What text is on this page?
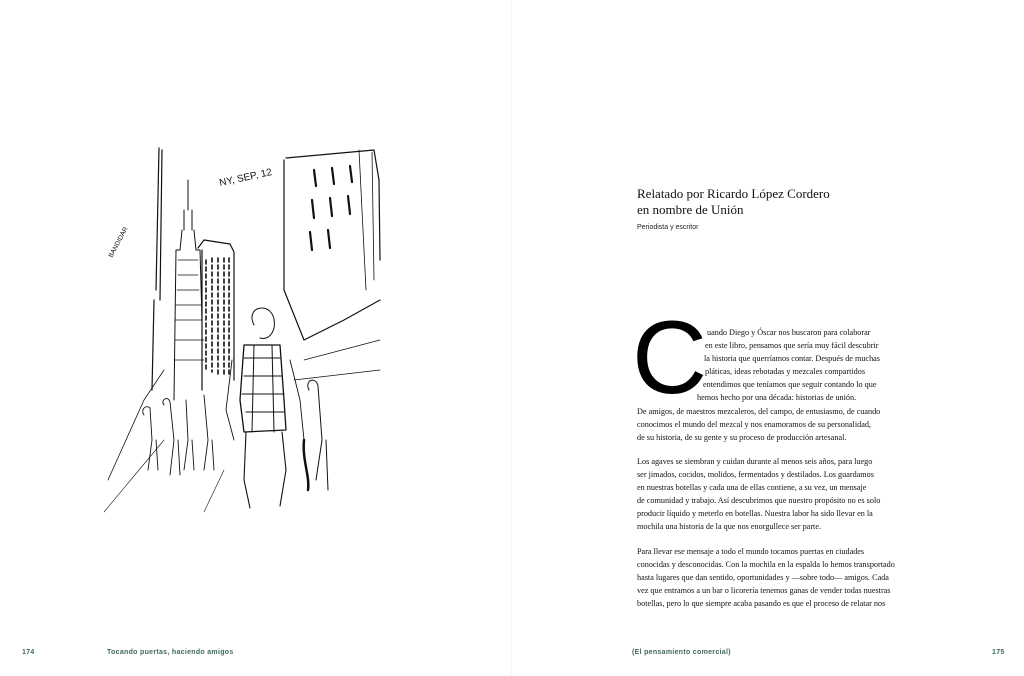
NY, SEP, 12
BANDIDAR
174	Tocando puertas, haciendo amigos
Relatado por Ricardo López Cordero
en nombre de Unión
Periodista y escritor
C uando Diego y Óscar nos buscaron para colaborar
en este libro, pensamos que sería muy fácil descubrir
la historia que querríamos contar. Después de muchas
pláticas, ideas rebotadas y mezcales compartidos
entendimos que teníamos que seguir contando lo que
hemos hecho por una década: historias de unión.
De amigos, de maestros mezcaleros, del campo, de entusiasmo, de cuando
conocimos el mundo del mezcal y nos enamoramos de su personalidad,
de su historia, de su gente y su proceso de producción artesanal.
Los agaves se siembran y cuidan durante al menos seis años, para luego
ser jimados, cocidos, molidos, fermentados y destilados. Los guardamos
en nuestras botellas y cada una de ellas contiene, a su vez, un mensaje
de comunidad y trabajo. Así descubrimos que nuestro propósito no es solo
producir líquido y meterlo en botellas. Nuestra labor ha sido llevar en la
mochila una historia de la que nos enorgullece ser parte.
Para llevar ese mensaje a todo el mundo tocamos puertas en ciudades
conocidas y desconocidas. Con la mochila en la espalda lo hemos transportado
hasta lugares que dan sentido, oportunidades y —sobre todo— amigos. Cada
vez que entramos a un bar o licorería tenemos ganas de vender todas nuestras
botellas, pero lo que siempre acaba pasando es que el proceso de relatar nos
(El pensamiento comercial)	175
